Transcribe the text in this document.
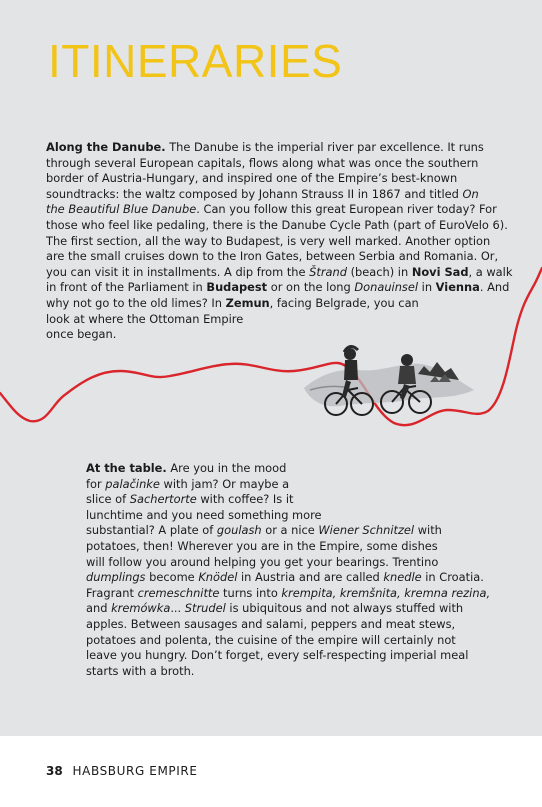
ITINERARIES

Along the Danube. The Danube is the imperial river par excellence. It runs

through several European capitals, flows along what was once the southern

border of Austria-Hungary, and inspired one of the Empire’s best-known

soundtracks: the waltz composed by Johann Strauss II in 1867 and titled On

the Beautiful Blue Danube. Can you follow this great European river today? For

those who feel like pedaling, there is the Danube Cycle Path (part of EuroVelo 6).

The first section, all the way to Budapest, is very well marked. Another option

are the small cruises down to the Iron Gates, between Serbia and Romania. Or,

you can visit it in installments. A dip from the Štrand (beach) in Novi Sad, a walk

in front of the Parliament in Budapest or on the long Donauinsel in Vienna. And

why not go to the old limes? In Zemun, facing Belgrade, you can

look at where the Ottoman Empire

once began.

At the table. Are you in the mood

for palačinke with jam? Or maybe a

slice of Sachertorte with coffee? Is it

lunchtime and you need something more

substantial? A plate of goulash or a nice Wiener Schnitzel with

potatoes, then! Wherever you are in the Empire, some dishes

will follow you around helping you get your bearings. Trentino

dumplings become Knödel in Austria and are called knedle in Croatia.

Fragrant cremeschnitte turns into krempita, kremšnita, kremna rezina,

and kremówka... Strudel is ubiquitous and not always stuffed with

apples. Between sausages and salami, peppers and meat stews,

potatoes and polenta, the cuisine of the empire will certainly not

leave you hungry. Don’t forget, every self-respecting imperial meal

starts with a broth.

38 HABSBURG EMPIRE
